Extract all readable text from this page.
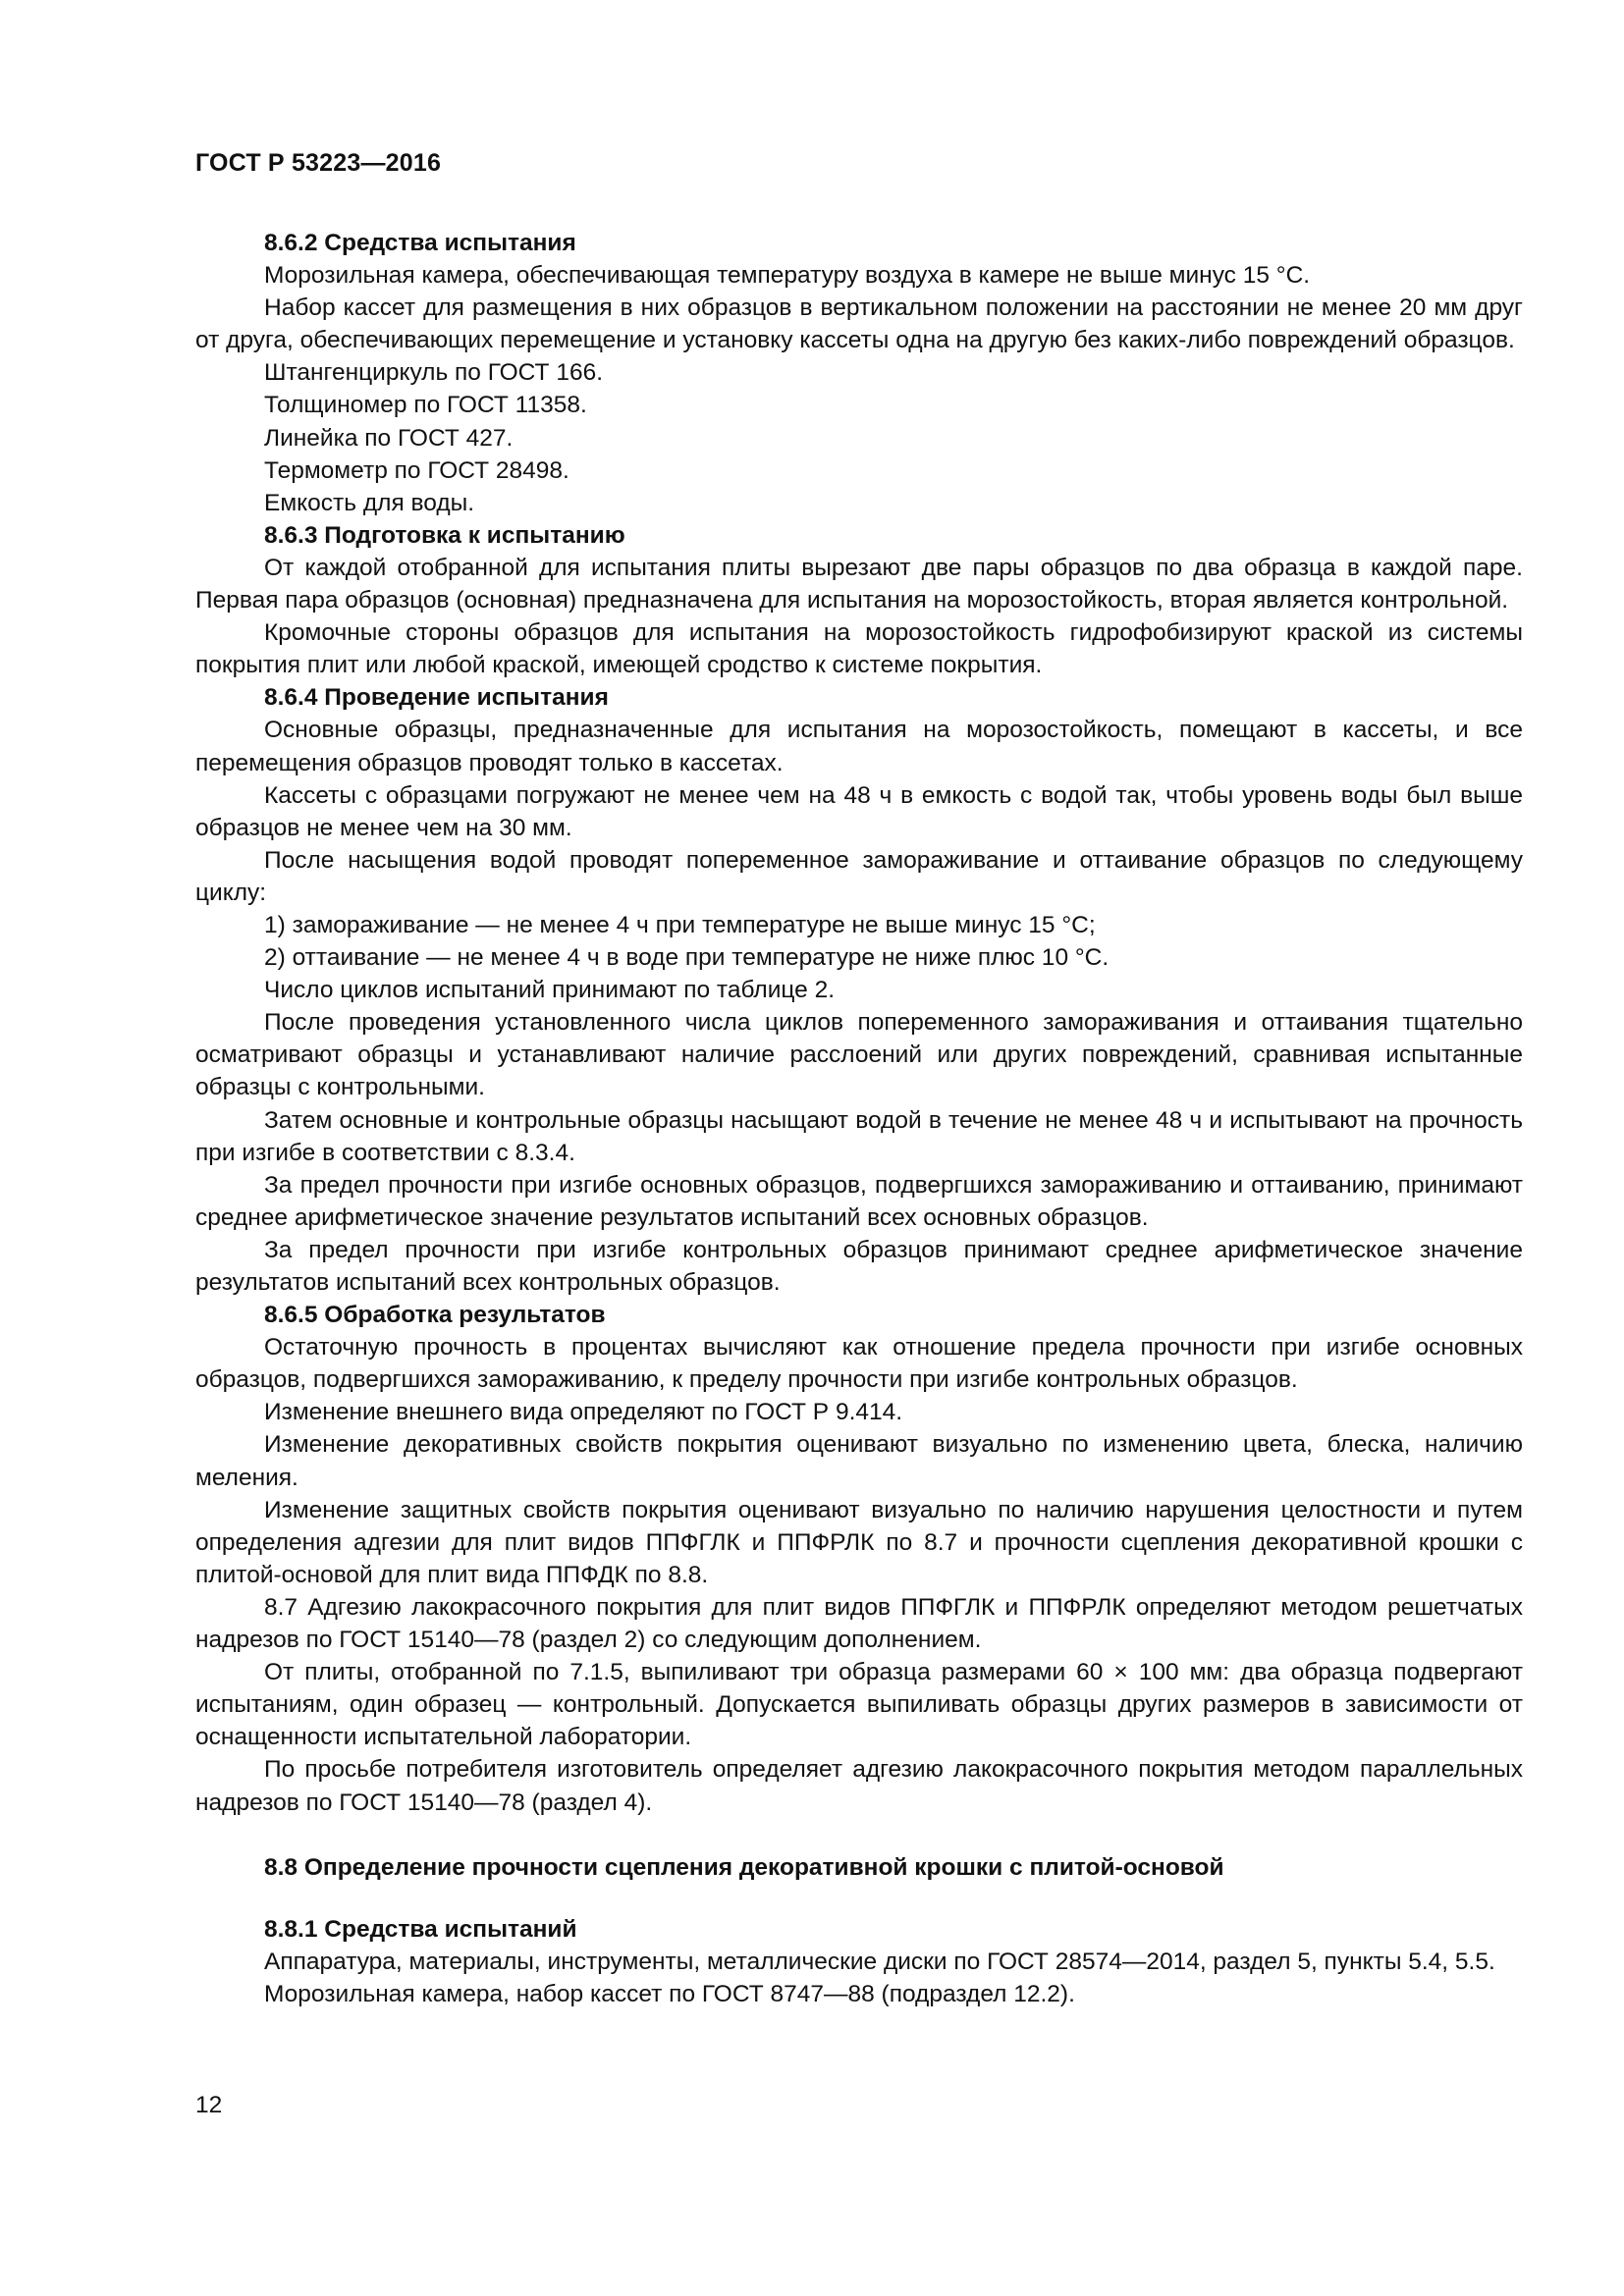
ГОСТ Р 53223—2016

8.6.2 Средства испытания

Морозильная камера, обеспечивающая температуру воздуха в камере не выше минус 15 °С.

Набор кассет для размещения в них образцов в вертикальном положении на расстоянии не менее 20 мм друг от друга, обеспечивающих перемещение и установку кассеты одна на другую без каких-либо повреждений образцов.

Штангенциркуль по ГОСТ 166.

Толщиномер по ГОСТ 11358.

Линейка по ГОСТ 427.

Термометр по ГОСТ 28498.

Емкость для воды.

8.6.3 Подготовка к испытанию

От каждой отобранной для испытания плиты вырезают две пары образцов по два образца в каждой паре. Первая пара образцов (основная) предназначена для испытания на морозостойкость, вторая является контрольной.

Кромочные стороны образцов для испытания на морозостойкость гидрофобизируют краской из системы покрытия плит или любой краской, имеющей сродство к системе покрытия.

8.6.4 Проведение испытания

Основные образцы, предназначенные для испытания на морозостойкость, помещают в кассеты, и все перемещения образцов проводят только в кассетах.

Кассеты с образцами погружают не менее чем на 48 ч в емкость с водой так, чтобы уровень воды был выше образцов не менее чем на 30 мм.

После насыщения водой проводят попеременное замораживание и оттаивание образцов по следующему циклу:

1) замораживание — не менее 4 ч при температуре не выше минус 15 °С;

2) оттаивание — не менее 4 ч в воде при температуре не ниже плюс 10 °С.

Число циклов испытаний принимают по таблице 2.

После проведения установленного числа циклов попеременного замораживания и оттаивания тщательно осматривают образцы и устанавливают наличие расслоений или других повреждений, сравнивая испытанные образцы с контрольными.

Затем основные и контрольные образцы насыщают водой в течение не менее 48 ч и испытывают на прочность при изгибе в соответствии с 8.3.4.

За предел прочности при изгибе основных образцов, подвергшихся замораживанию и оттаиванию, принимают среднее арифметическое значение результатов испытаний всех основных образцов.

За предел прочности при изгибе контрольных образцов принимают среднее арифметическое значение результатов испытаний всех контрольных образцов.

8.6.5 Обработка результатов

Остаточную прочность в процентах вычисляют как отношение предела прочности при изгибе основных образцов, подвергшихся замораживанию, к пределу прочности при изгибе контрольных образцов.

Изменение внешнего вида определяют по ГОСТ Р 9.414.

Изменение декоративных свойств покрытия оценивают визуально по изменению цвета, блеска, наличию меления.

Изменение защитных свойств покрытия оценивают визуально по наличию нарушения целостности и путем определения адгезии для плит видов ППФГЛК и ППФРЛК по 8.7 и прочности сцепления декоративной крошки с плитой-основой для плит вида ППФДК по 8.8.

8.7 Адгезию лакокрасочного покрытия для плит видов ППФГЛК и ППФРЛК определяют методом решетчатых надрезов по ГОСТ 15140—78 (раздел 2) со следующим дополнением.

От плиты, отобранной по 7.1.5, выпиливают три образца размерами 60 × 100 мм: два образца подвергают испытаниям, один образец — контрольный. Допускается выпиливать образцы других размеров в зависимости от оснащенности испытательной лаборатории.

По просьбе потребителя изготовитель определяет адгезию лакокрасочного покрытия методом параллельных надрезов по ГОСТ 15140—78 (раздел 4).

8.8 Определение прочности сцепления декоративной крошки с плитой-основой

8.8.1 Средства испытаний

Аппаратура, материалы, инструменты, металлические диски по ГОСТ 28574—2014, раздел 5, пункты 5.4, 5.5.

Морозильная камера, набор кассет по ГОСТ 8747—88 (подраздел 12.2).

12
